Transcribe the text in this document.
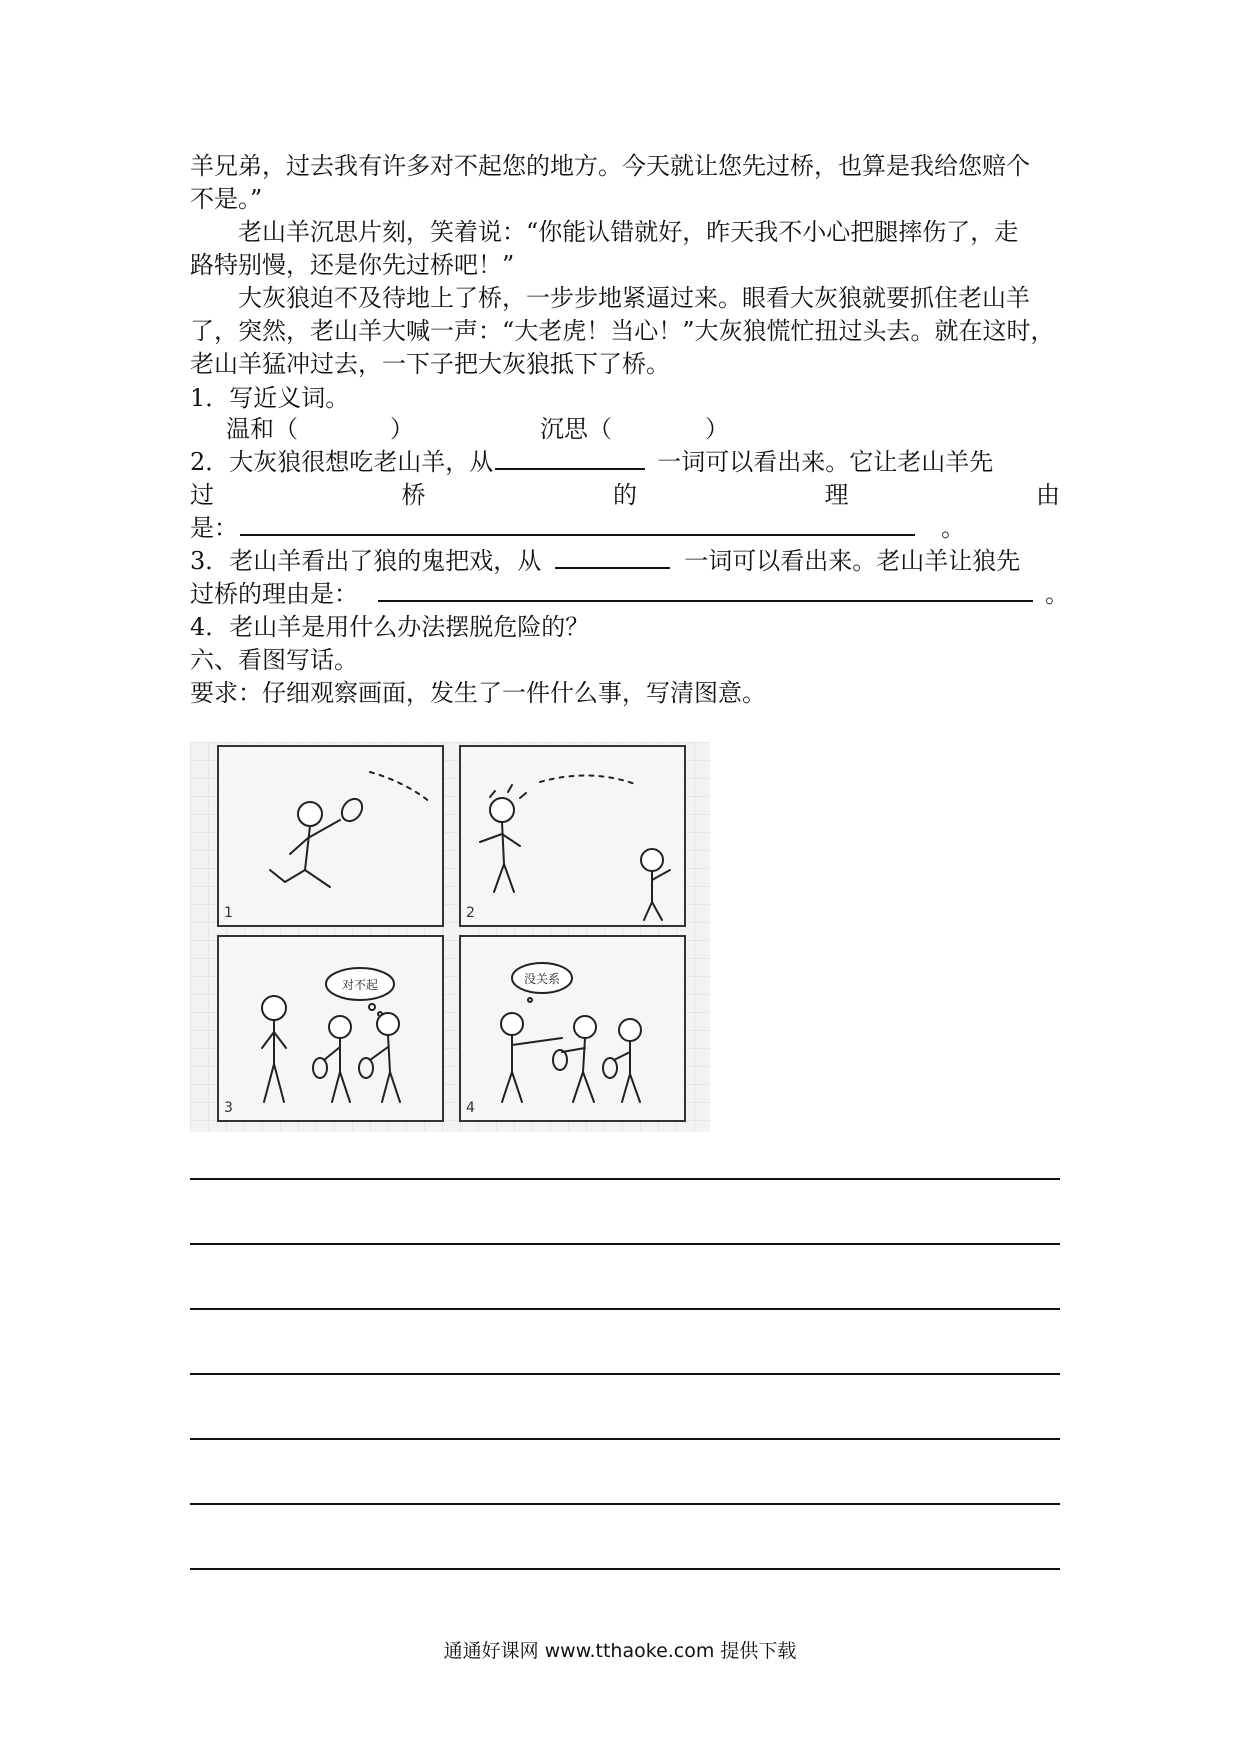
羊兄弟，过去我有许多对不起您的地方。今天就让您先过桥，也算是我给您赔个
不是。”
老山羊沉思片刻，笑着说：“你能认错就好，昨天我不小心把腿摔伤了，走
路特别慢，还是你先过桥吧！”
大灰狼迫不及待地上了桥，一步步地紧逼过来。眼看大灰狼就要抓住老山羊
了，突然，老山羊大喊一声：“大老虎！当心！”大灰狼慌忙扭过头去。就在这时，
老山羊猛冲过去，一下子把大灰狼抵下了桥。
1．写近义词。
温和（	）	沉思（	）
2．大灰狼很想吃老山羊，从	一词可以看出来。它让老山羊先
过	桥	的	理	由
是：	。
3．老山羊看出了狼的鬼把戏，从	一词可以看出来。老山羊让狼先
过桥的理由是：	。
4．老山羊是用什么办法摆脱危险的？
六、看图写话。
要求：仔细观察画面，发生了一件什么事，写清图意。
1	2
3	4
对不起	没关系
通通好课网 www.tthaoke.com 提供下载
